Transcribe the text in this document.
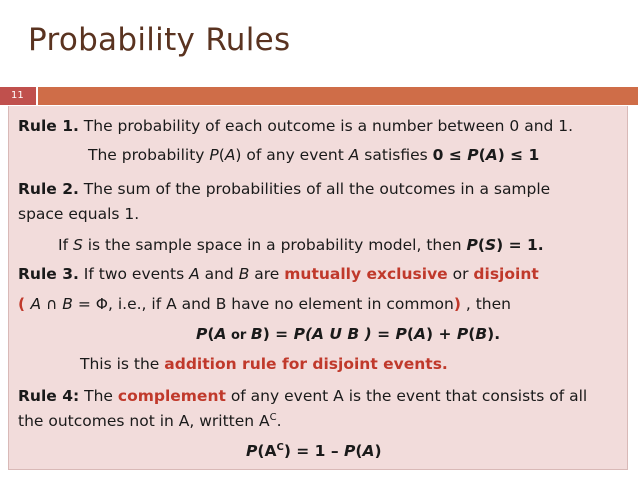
Probability Rules
11
Rule 1. The probability of each outcome is a number between 0 and 1.
The probability P(A) of any event A satisfies 0 ≤ P(A) ≤ 1
Rule 2. The sum of the probabilities of all the outcomes in a sample
space equals 1.
If S is the sample space in a probability model, then P(S) = 1.
Rule 3. If two events A and B are mutually exclusive or disjoint
( A ∩ B = Φ, i.e., if A and B have no element in common) , then
P(A or B) = P(A U B ) = P(A) + P(B).
This is the addition rule for disjoint events.
Rule 4: The complement of any event A is the event that consists of all
the outcomes not in A, written $A^C$.
$P(A^C) = 1 - P(A)$
